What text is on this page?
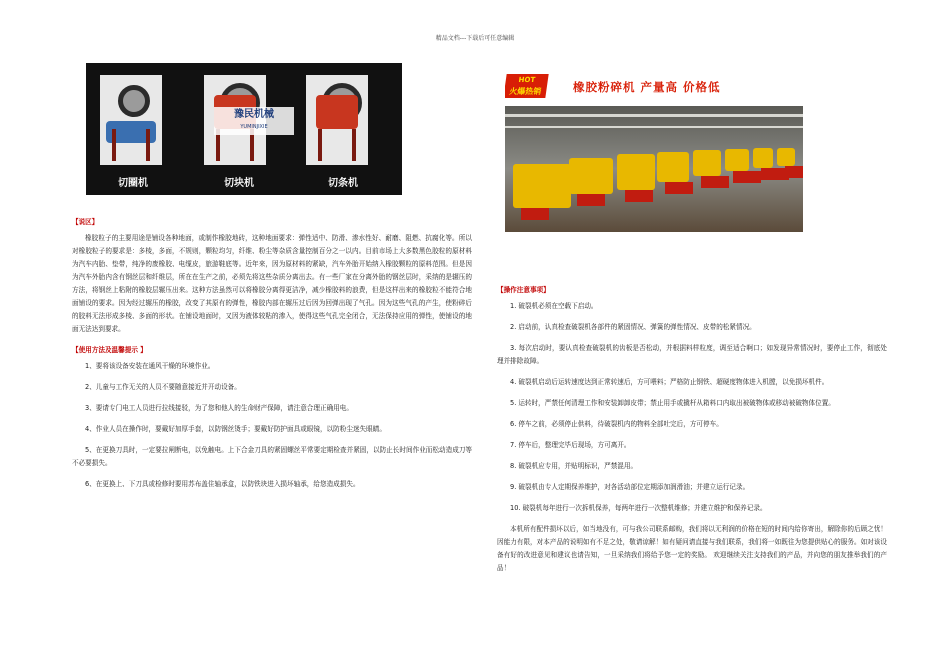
精品文档---下载后可任意编辑
豫民机械
YUMINJIXIE
切圈机	切块机	切条机
HOT
火爆热销	橡胶粉碎机 产量高 价格低
【说区】
橡胶粒子的主要用途是铺设各种地面，或制作橡胶地砖，这种地面要求：弹性适中、防滑、渗水性好、耐磨、阻燃、抗腐化等。所以对橡胶粒子的要求是：多棱，多面，不规则，颗粒均匀，纤维、粉尘等杂质含量控制百分之一以内。目前市场上大多数黑色胶粒的原材料为汽车内胎、垫带，纯净的废橡胶、电缆皮，旅游鞋底等。近年来，因为原材料的紧缺，汽车外胎开始纳入橡胶颗粒的原料范围。但是因为汽车外胎内含有钢丝层和纤维层，所在在生产之前，必须先将这些杂质分离出去。有一些厂家在分离外胎的钢丝层时，采纳的是辗压的方法，将钢丝上粘附的橡胶层辗压出来。这种方法虽然可以将橡胶分离得更洁净，减少橡胶料的浪费，但是这样出来的橡胶粒不能符合地面铺设的要求。因为经过辗压的橡胶，改变了其原有的弹性，橡胶内部在辗压过后因为回弹出现了气孔。因为这些气孔的产生，使粉碎后的胶料无法形成多棱、多面的形状。在铺设地面时，又因为液体较粘的渗入，使得这些气孔完全闭合，无法保持应用的弹性，使铺设的地面无法达到要求。
【使用方法及温馨提示 】
1、要将该设备安装在通风干燥的环境作业。
2、儿童与工作无关的人员不要随意接近并开动设备。
3、要请专门电工人员进行拉线接驳，为了您和他人的生命财产保障，请注意合理正确用电。
4、作业人员在操作时，要戴好加厚手套，以防钢丝烫手；要戴好防护面具或眼镜，以防粉尘迷失眼睛。
5、在更换刀具时，一定要拉闸断电，以免触电。上下合金刀具的紧固螺丝平常要定期检查并紧固，以防止长时间作业而松动造成刀等不必要损失。
6、在更换上、下刀具或检修时要用苏布盖住轴承盒，以防铁块进入损坏轴承，给您造成损失。
【操作注意事项】
1. 破裂机必须在空载下启动。
2. 启动前，认真检查破裂机各部件的紧固情况、弹簧的弹性情况、皮带的松紧情况。
3. 每次启动时，要认真检查破裂机的齿板是否松动，并根据料样粒度，调至适合啊口；如发现异常情况时，要停止工作，彻底处理并排除故障。
4. 破裂机启动后运转速度达到正常转速后，方可喂料；严格防止钢铁、超硬度物体进入机膛，以免损坏机件。
5. 运转时，严禁任何清理工作和安装卸卸皮带；禁止用手或撬杆从箱料口内取出被破物体或移动被破物体位置。
6. 停车之前，必须停止供料，待破裂机内的物料全部吐完后，方可停车。
7. 停车后，整理完毕后现场，方可离开。
8. 破裂机应专用，并贴明标识，严禁混用。
9. 破裂机由专人定期保养维护，对各活动部位定期添加润滑油；并建立运行记录。
10. 破裂机每年进行一次拆机保养，每两年进行一次整机维修；并建立维护和保养记录。
本机所有配件损坏以后，如当地没有，可与我公司联系邮购，我们将以无利润的价格在短的时间内给你寄出，解除你的后顾之忧！ 因能力有限，对本产品的说明如有不足之处，敬请谅解！如有疑问请直接与我们联系，我们将一如既往为您提供贴心的服务。如对该设备有好的改进意见和建议也请告知，一旦采纳我们将给予您一定的奖励。 欢迎继续关注支持我们的产品，并向您的朋友推举我们的产品！
